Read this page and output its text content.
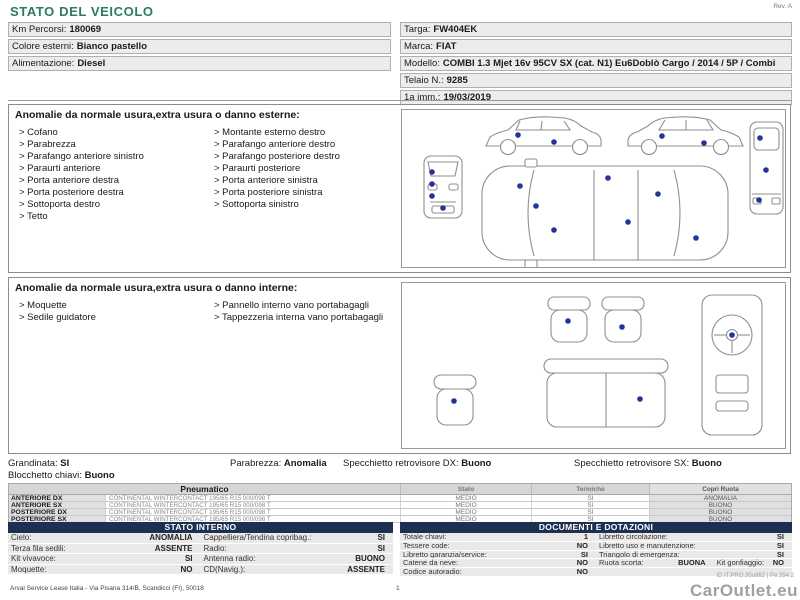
STATO DEL VEICOLO	Rev. A
Km Percorsi: 180069
Colore esterni: Bianco pastello
Alimentazione: Diesel
Targa: FW404EK
Marca: FIAT
Modello: COMBI 1.3 Mjet 16v 95CV SX (cat. N1) Eu6Doblò Cargo / 2014 / 5P / Combi
Telaio N.: 9285
1a imm.: 19/03/2019
Anomalie da normale usura,extra usura o danno esterne:
> Cofano
> Parabrezza
> Parafango anteriore sinistro
> Paraurti anteriore
> Porta anteriore destra
> Porta posteriore destra
> Sottoporta destro
> Tetto
> Montante esterno destro
> Parafango anteriore destro
> Parafango posteriore destro
> Paraurti posteriore
> Porta anteriore sinistra
> Porta posteriore sinistra
> Sottoporta sinistro
Anomalie da normale usura,extra usura o danno interne:
> Moquette
> Sedile guidatore
> Pannello interno vano portabagagli
> Tappezzeria interna vano portabagagli
Grandinata: SI	Parabrezza: Anomalia Specchietto retrovisore DX: Buono	Specchietto retrovisore SX: Buono
Blocchetto chiavi: Buono
Pneumatico	Stato	Termiche	Copri Ruota
ANTERIORE DX	CONTINENTAL WINTERCONTACT 195/65 R15 000/098 T	MEDIO	SI	ANOMALIA
ANTERIORE SX	CONTINENTAL WINTERCONTACT 195/65 R15 000/098 T	MEDIO	SI	BUONO
POSTERIORE DX	CONTINENTAL WINTERCONTACT 195/65 R15 000/098 T	MEDIO	SI	BUONO
POSTERIORE SX	CONTINENTAL WINTERCONTACT 195/65 R15 000/098 T	MEDIO	SI	BUONO
STATO INTERNO
Cielo:	ANOMALIA Cappelliera/Tendina copribag.:	SI
Terza fila sedili:	ASSENTE Radio:	SI
Kit vivavoce:	SI Antenna radio:	BUONO
Moquette:	NO CD(Navig.):	ASSENTE
DOCUMENTI E DOTAZIONI
Totale chiavi:	1 Libretto circolazione:	SI
Tessere code:	NO Libretto uso e manutenzione:	SI
Libretto garanzia/service:	SI Triangolo di emergenza:	SI
Catene da neve:	NO Ruota scorta:	BUONA Kit gonfiaggio: NO
Codice autoradio:	NO
Arval Service Lease Italia - Via Pisana 314/B, Scandicci (FI), 50018	1
ID IT.PRO.35u862 | Pe.354.2
CarOutlet.eu
